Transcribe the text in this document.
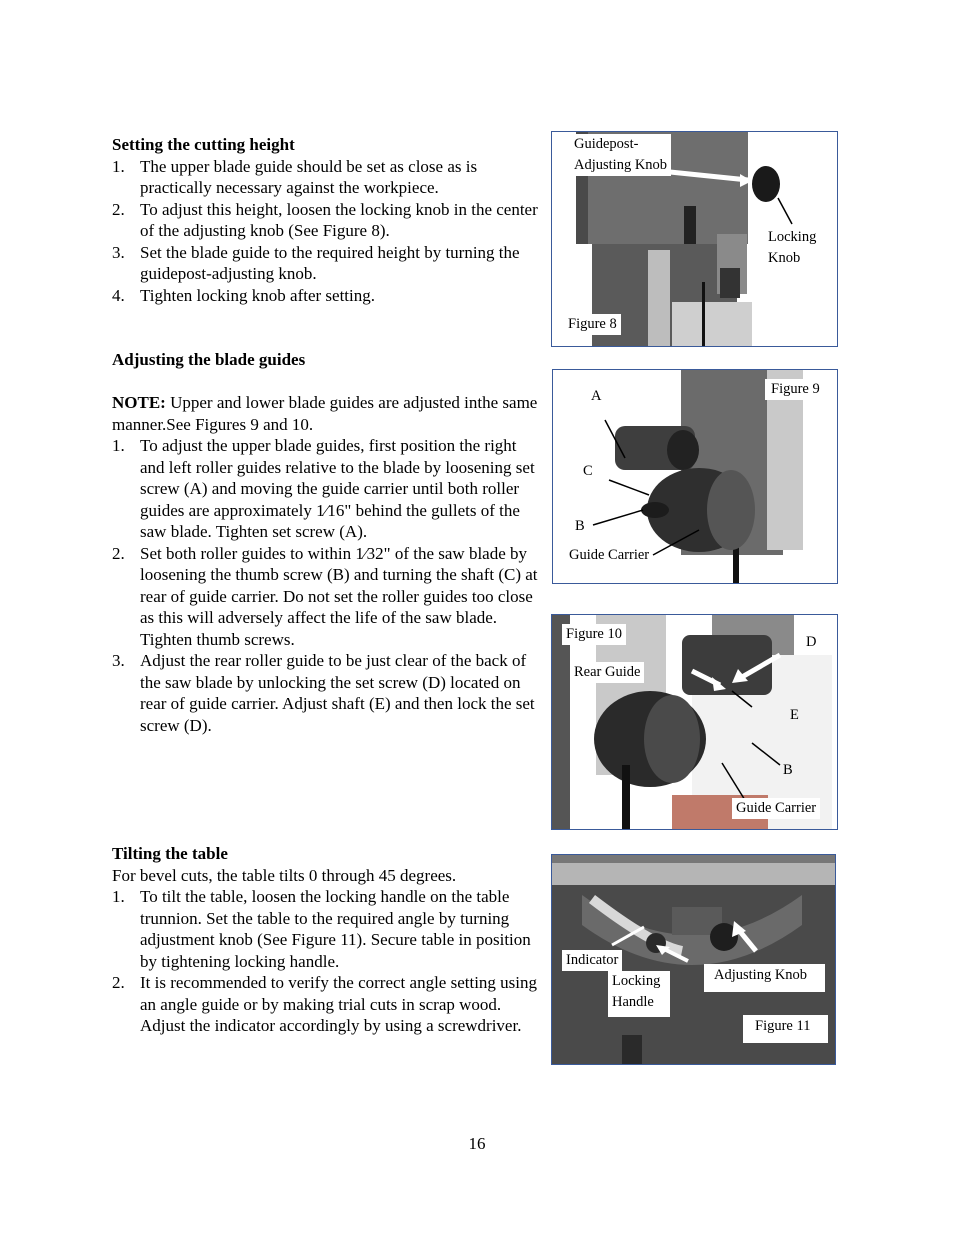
Setting the cutting height

1. The upper blade guide should be set as close as is practically necessary against the workpiece.
2. To adjust this height, loosen the locking knob in the center of the adjusting knob (See Figure 8).
3. Set the blade guide to the required height by turning the guidepost-adjusting knob.
4. Tighten locking knob after setting.

Adjusting the blade guides

NOTE: Upper and lower blade guides are adjusted inthe same manner.See Figures 9 and 10.

1. To adjust the upper blade guides, first position the right and left roller guides relative to the blade by loosening set screw (A) and moving the guide carrier until both roller guides are approximately 1⁄16" behind the gullets of the saw blade. Tighten set screw (A).
2. Set both roller guides to within 1⁄32" of the saw blade by loosening the thumb screw (B) and turning the shaft (C) at rear of guide carrier. Do not set the roller guides too close as this will adversely affect the life of the saw blade. Tighten thumb screws.
3. Adjust the rear roller guide to be just clear of the back of the saw blade by unlocking the set screw (D) located on rear of guide carrier. Adjust shaft (E) and then lock the set screw (D).

Tilting the table

For bevel cuts, the table tilts 0 through 45 degrees.

1. To tilt the table, loosen the locking handle on the table trunnion. Set the table to the required angle by turning adjustment knob (See Figure 11). Secure table in position by tightening locking handle.
2. It is recommended to verify the correct angle setting using an angle guide or by making trial cuts in scrap wood. Adjust the indicator accordingly by using a screwdriver.
Guidepost-
Adjusting Knob
Locking
Knob
Figure 8
A
C
B
Guide Carrier
Figure 9
Figure 10
Rear Guide
D
E
B
Guide Carrier
Indicator
Locking
Handle
Adjusting Knob
Figure 11
16
